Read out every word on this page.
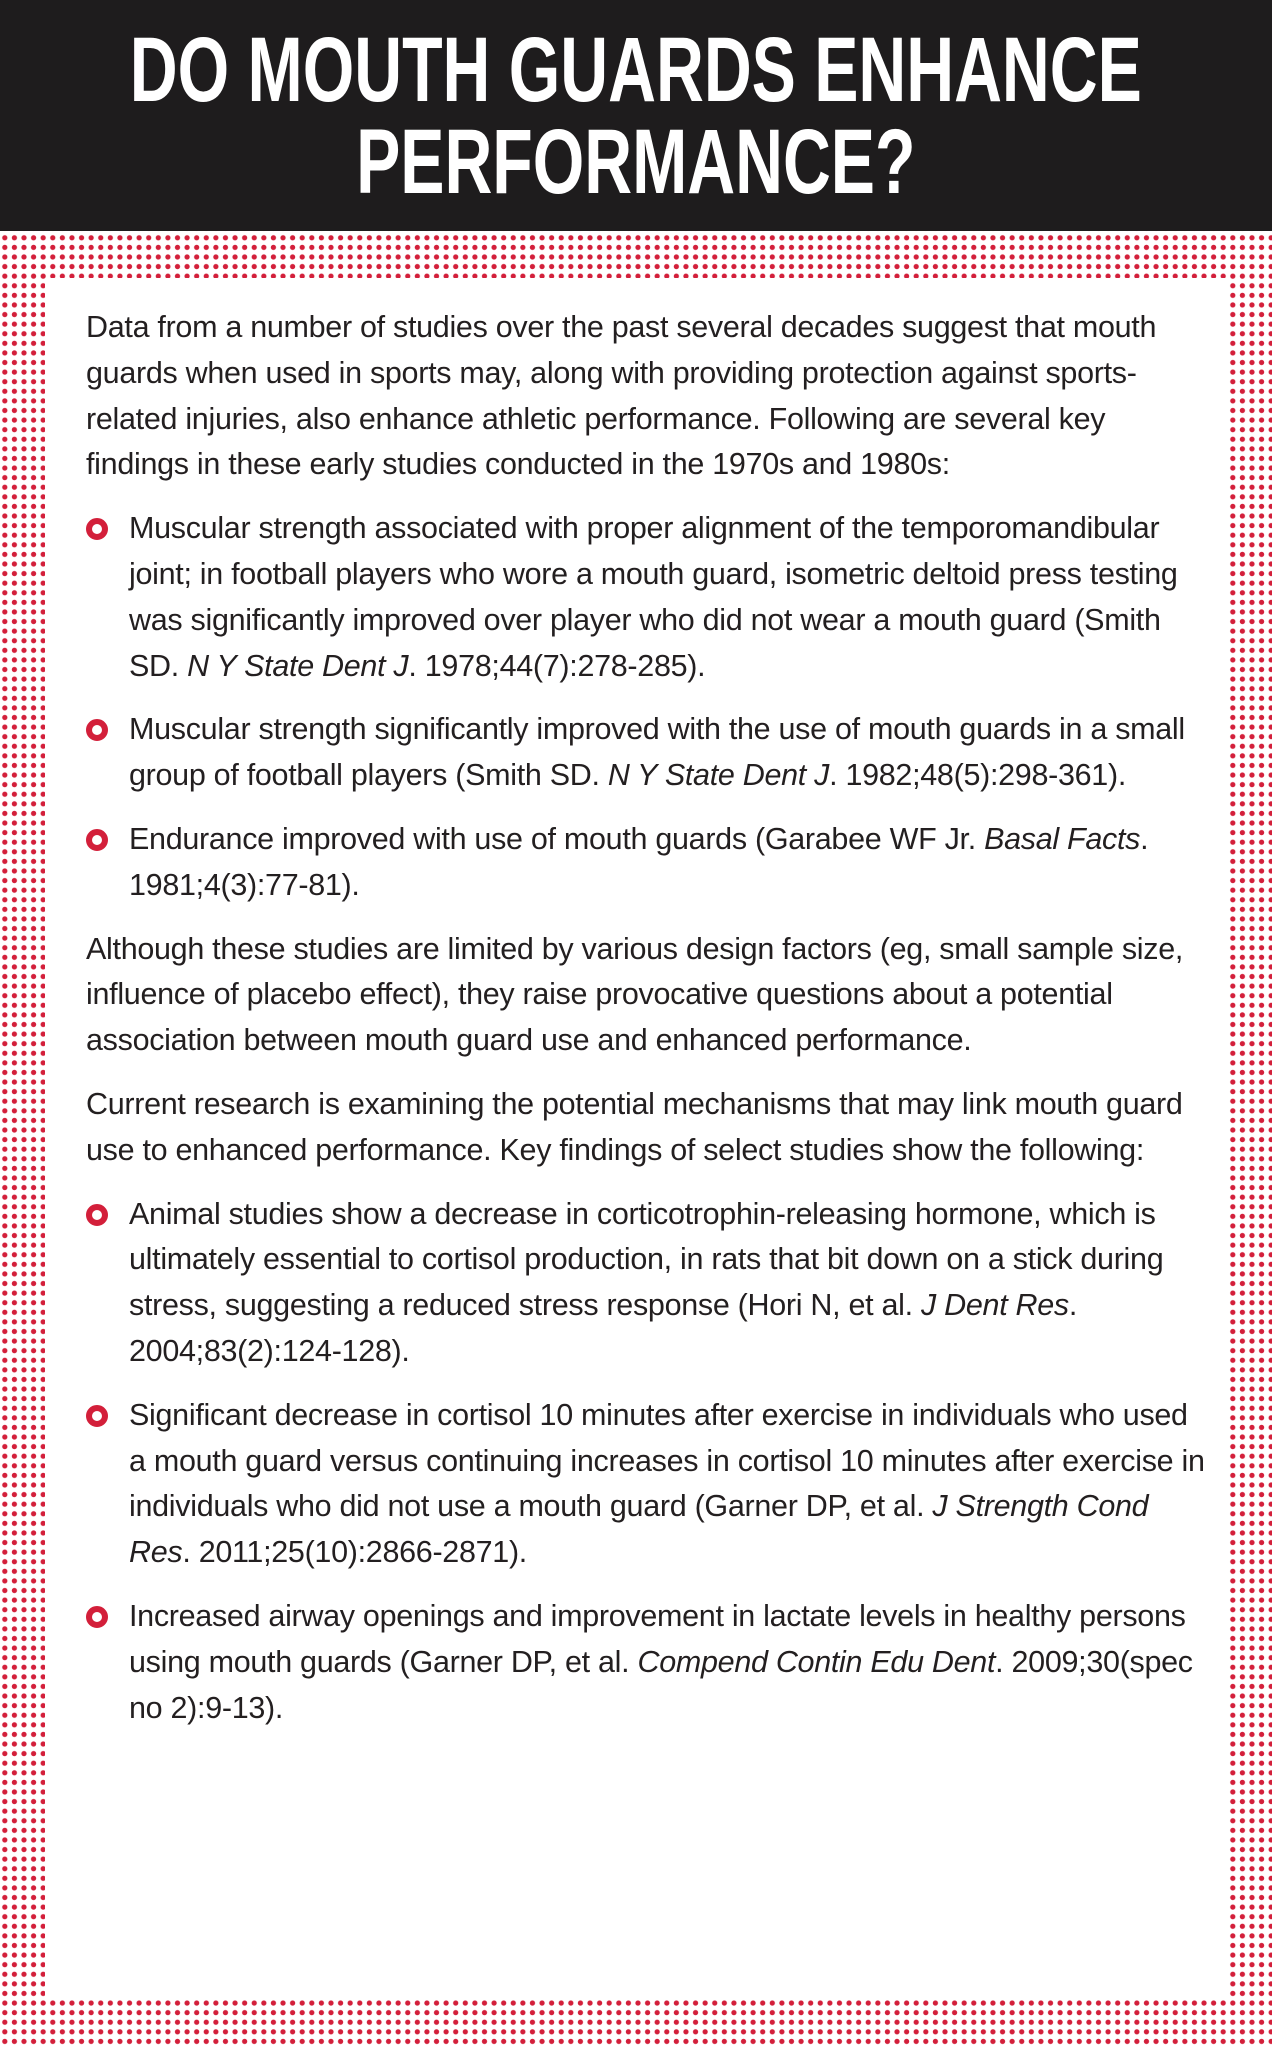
DO MOUTH GUARDS ENHANCE
PERFORMANCE?

Data from a number of studies over the past several decades suggest that mouth guards when used in sports may, along with providing protection against sports-related injuries, also enhance athletic performance. Following are several key findings in these early studies conducted in the 1970s and 1980s:

Muscular strength associated with proper alignment of the temporomandibular joint; in football players who wore a mouth guard, isometric deltoid press testing was significantly improved over player who did not wear a mouth guard (Smith SD. N Y State Dent J. 1978;44(7):278-285).
Muscular strength significantly improved with the use of mouth guards in a small group of football players (Smith SD. N Y State Dent J. 1982;48(5):298-361).
Endurance improved with use of mouth guards (Garabee WF Jr. Basal Facts. 1981;4(3):77-81).

Although these studies are limited by various design factors (eg, small sample size, influence of placebo effect), they raise provocative questions about a potential association between mouth guard use and enhanced performance.

Current research is examining the potential mechanisms that may link mouth guard use to enhanced performance. Key findings of select studies show the following:

Animal studies show a decrease in corticotrophin-releasing hormone, which is ultimately essential to cortisol production, in rats that bit down on a stick during stress, suggesting a reduced stress response (Hori N, et al. J Dent Res. 2004;83(2):124-128).
Significant decrease in cortisol 10 minutes after exercise in individuals who used a mouth guard versus continuing increases in cortisol 10 minutes after exercise in individuals who did not use a mouth guard (Garner DP, et al. J Strength Cond Res. 2011;25(10):2866-2871).
Increased airway openings and improvement in lactate levels in healthy persons using mouth guards (Garner DP, et al. Compend Contin Edu Dent. 2009;30(spec no 2):9-13).
